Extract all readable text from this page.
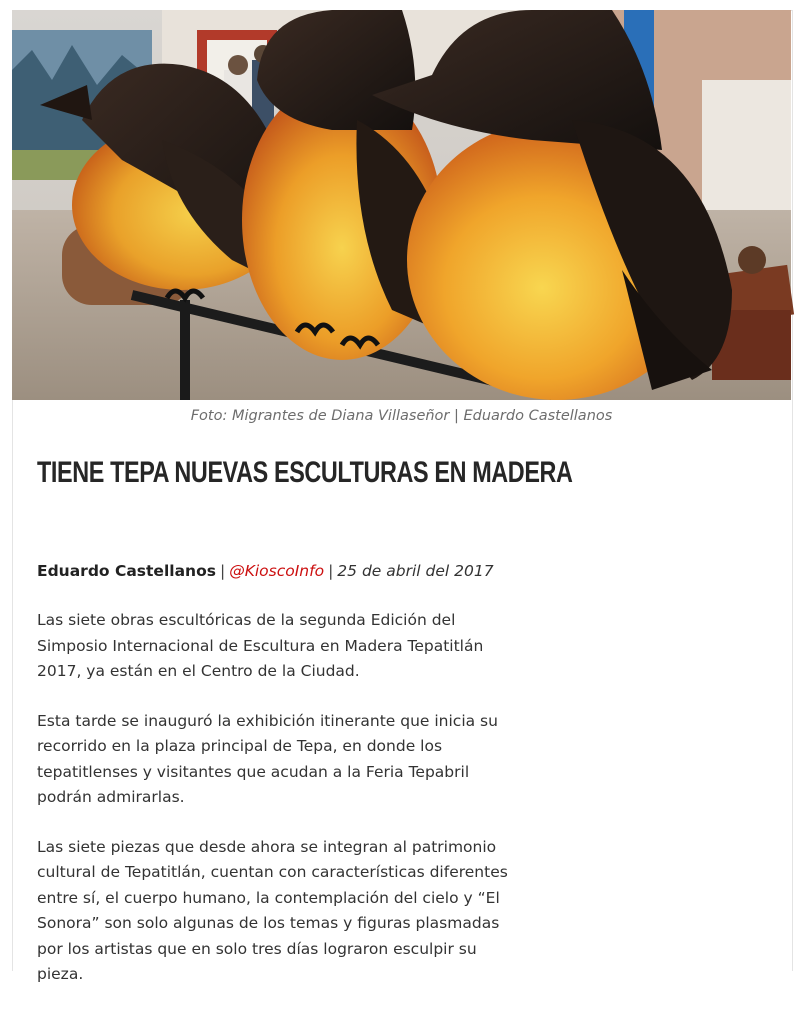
Foto: Migrantes de Diana Villaseñor | Eduardo Castellanos
TIENE TEPA NUEVAS ESCULTURAS EN MADERA
Eduardo Castellanos | @KioscoInfo | 25 de abril del 2017

Las siete obras escultóricas de la segunda Edición del Simposio Internacional de Escultura en Madera Tepatitlán 2017, ya están en el Centro de la Ciudad.

Esta tarde se inauguró la exhibición itinerante que inicia su recorrido en la plaza principal de Tepa, en donde los tepatitlenses y visitantes que acudan a la Feria Tepabril podrán admirarlas.

Las siete piezas que desde ahora se integran al patrimonio cultural de Tepatitlán, cuentan con características diferentes entre sí, el cuerpo humano, la contemplación del cielo y “El Sonora” son solo algunas de los temas y figuras plasmadas por los artistas que en solo tres días lograron esculpir su pieza.
